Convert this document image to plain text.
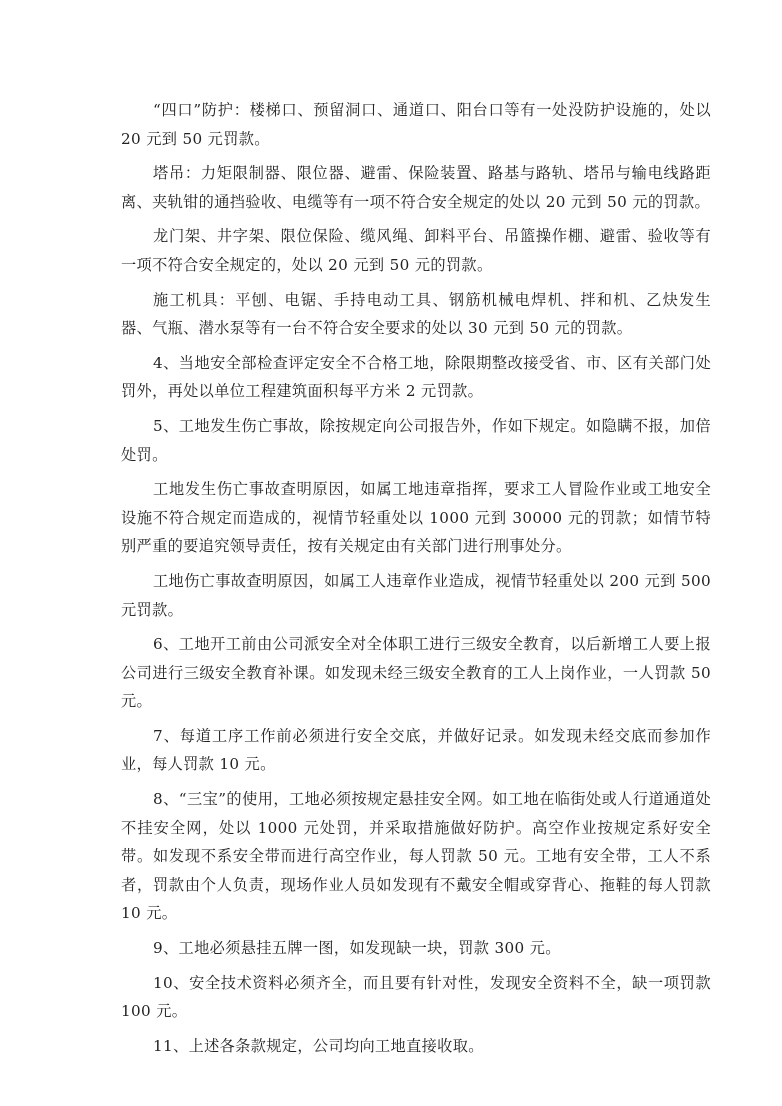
“四口”防护：楼梯口、预留洞口、通道口、阳台口等有一处没防护设施的，处以 20 元到 50 元罚款。

塔吊：力矩限制器、限位器、避雷、保险装置、路基与路轨、塔吊与输电线路距离、夹轨钳的通挡验收、电缆等有一项不符合安全规定的处以 20 元到 50 元的罚款。

龙门架、井字架、限位保险、缆风绳、卸料平台、吊篮操作棚、避雷、验收等有一项不符合安全规定的，处以 20 元到 50 元的罚款。

施工机具：平刨、电锯、手持电动工具、钢筋机械电焊机、拌和机、乙炔发生器、气瓶、潜水泵等有一台不符合安全要求的处以 30 元到 50 元的罚款。

4、当地安全部检查评定安全不合格工地，除限期整改接受省、市、区有关部门处罚外，再处以单位工程建筑面积每平方米 2 元罚款。

5、工地发生伤亡事故，除按规定向公司报告外，作如下规定。如隐瞒不报，加倍处罚。

工地发生伤亡事故查明原因，如属工地违章指挥，要求工人冒险作业或工地安全设施不符合规定而造成的，视情节轻重处以 1000 元到 30000 元的罚款；如情节特别严重的要追究领导责任，按有关规定由有关部门进行刑事处分。

工地伤亡事故查明原因，如属工人违章作业造成，视情节轻重处以 200 元到 500 元罚款。

6、工地开工前由公司派安全对全体职工进行三级安全教育，以后新增工人要上报公司进行三级安全教育补课。如发现未经三级安全教育的工人上岗作业，一人罚款 50 元。

7、每道工序工作前必须进行安全交底，并做好记录。如发现未经交底而参加作业，每人罚款 10 元。

8、“三宝”的使用，工地必须按规定悬挂安全网。如工地在临街处或人行道通道处不挂安全网，处以 1000 元处罚，并采取措施做好防护。高空作业按规定系好安全带。如发现不系安全带而进行高空作业，每人罚款 50 元。工地有安全带，工人不系者，罚款由个人负责，现场作业人员如发现有不戴安全帽或穿背心、拖鞋的每人罚款 10 元。

9、工地必须悬挂五牌一图，如发现缺一块，罚款 300 元。

10、安全技术资料必须齐全，而且要有针对性，发现安全资料不全，缺一项罚款 100 元。

11、上述各条款规定，公司均向工地直接收取。
